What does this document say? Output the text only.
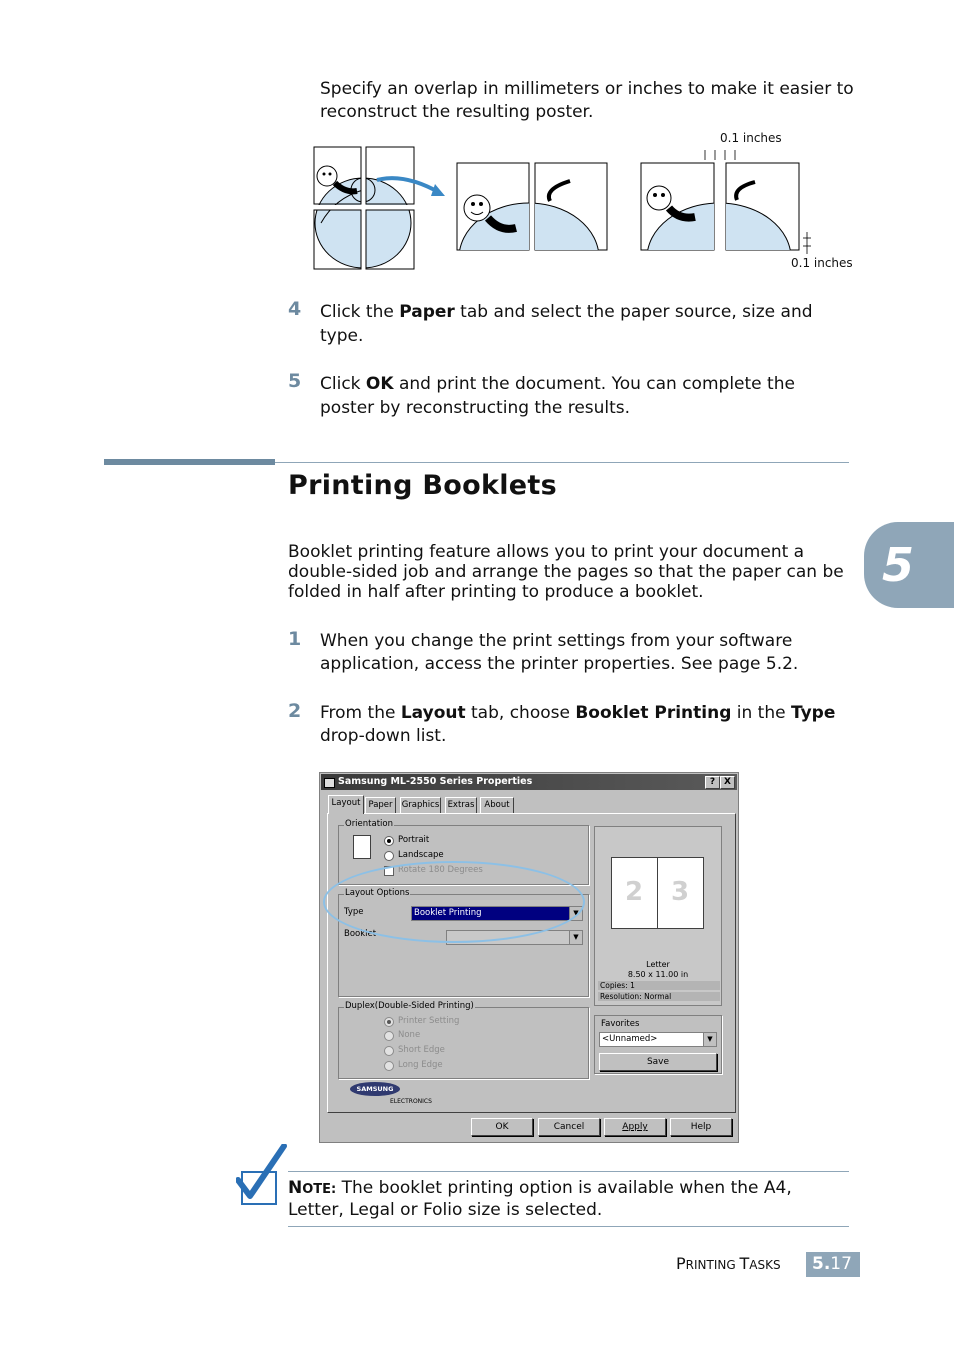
Specify an overlap in millimeters or inches to make it easier to reconstruct the resulting poster.
0.1 inches
0.1 inches
4 Click the Paper tab and select the paper source, size and type.
5 Click OK and print the document. You can complete the poster by reconstructing the results.
Printing Booklets
Booklet printing feature allows you to print your document a double-sided job and arrange the pages so that the paper can be folded in half after printing to produce a booklet.	5
1 When you change the print settings from your software application, access the printer properties. See page 5.2.
2 From the Layout tab, choose Booklet Printing in the Type drop-down list.
Samsung ML-2550 Series Properties	? X
Layout Paper	Graphics Extras	About
Orientation
Portrait
Landscape
Rotate 180 Degrees
Layout Options
Type	Booklet Printing	▼
Booklet	▼
Duplex(Double-Sided Printing)
Printer Setting
None
Short Edge
Long Edge
2 3
Letter
8.50 x 11.00 in
Copies: 1
Resolution: Normal
Favorites
<Unnamed>	▼
Save
SAMSUNG
ELECTRONICS
OK	Cancel	Apply	Help
NOTE: The booklet printing option is available when the A4, Letter, Legal or Folio size is selected.
PRINTING TASKS 5.17
